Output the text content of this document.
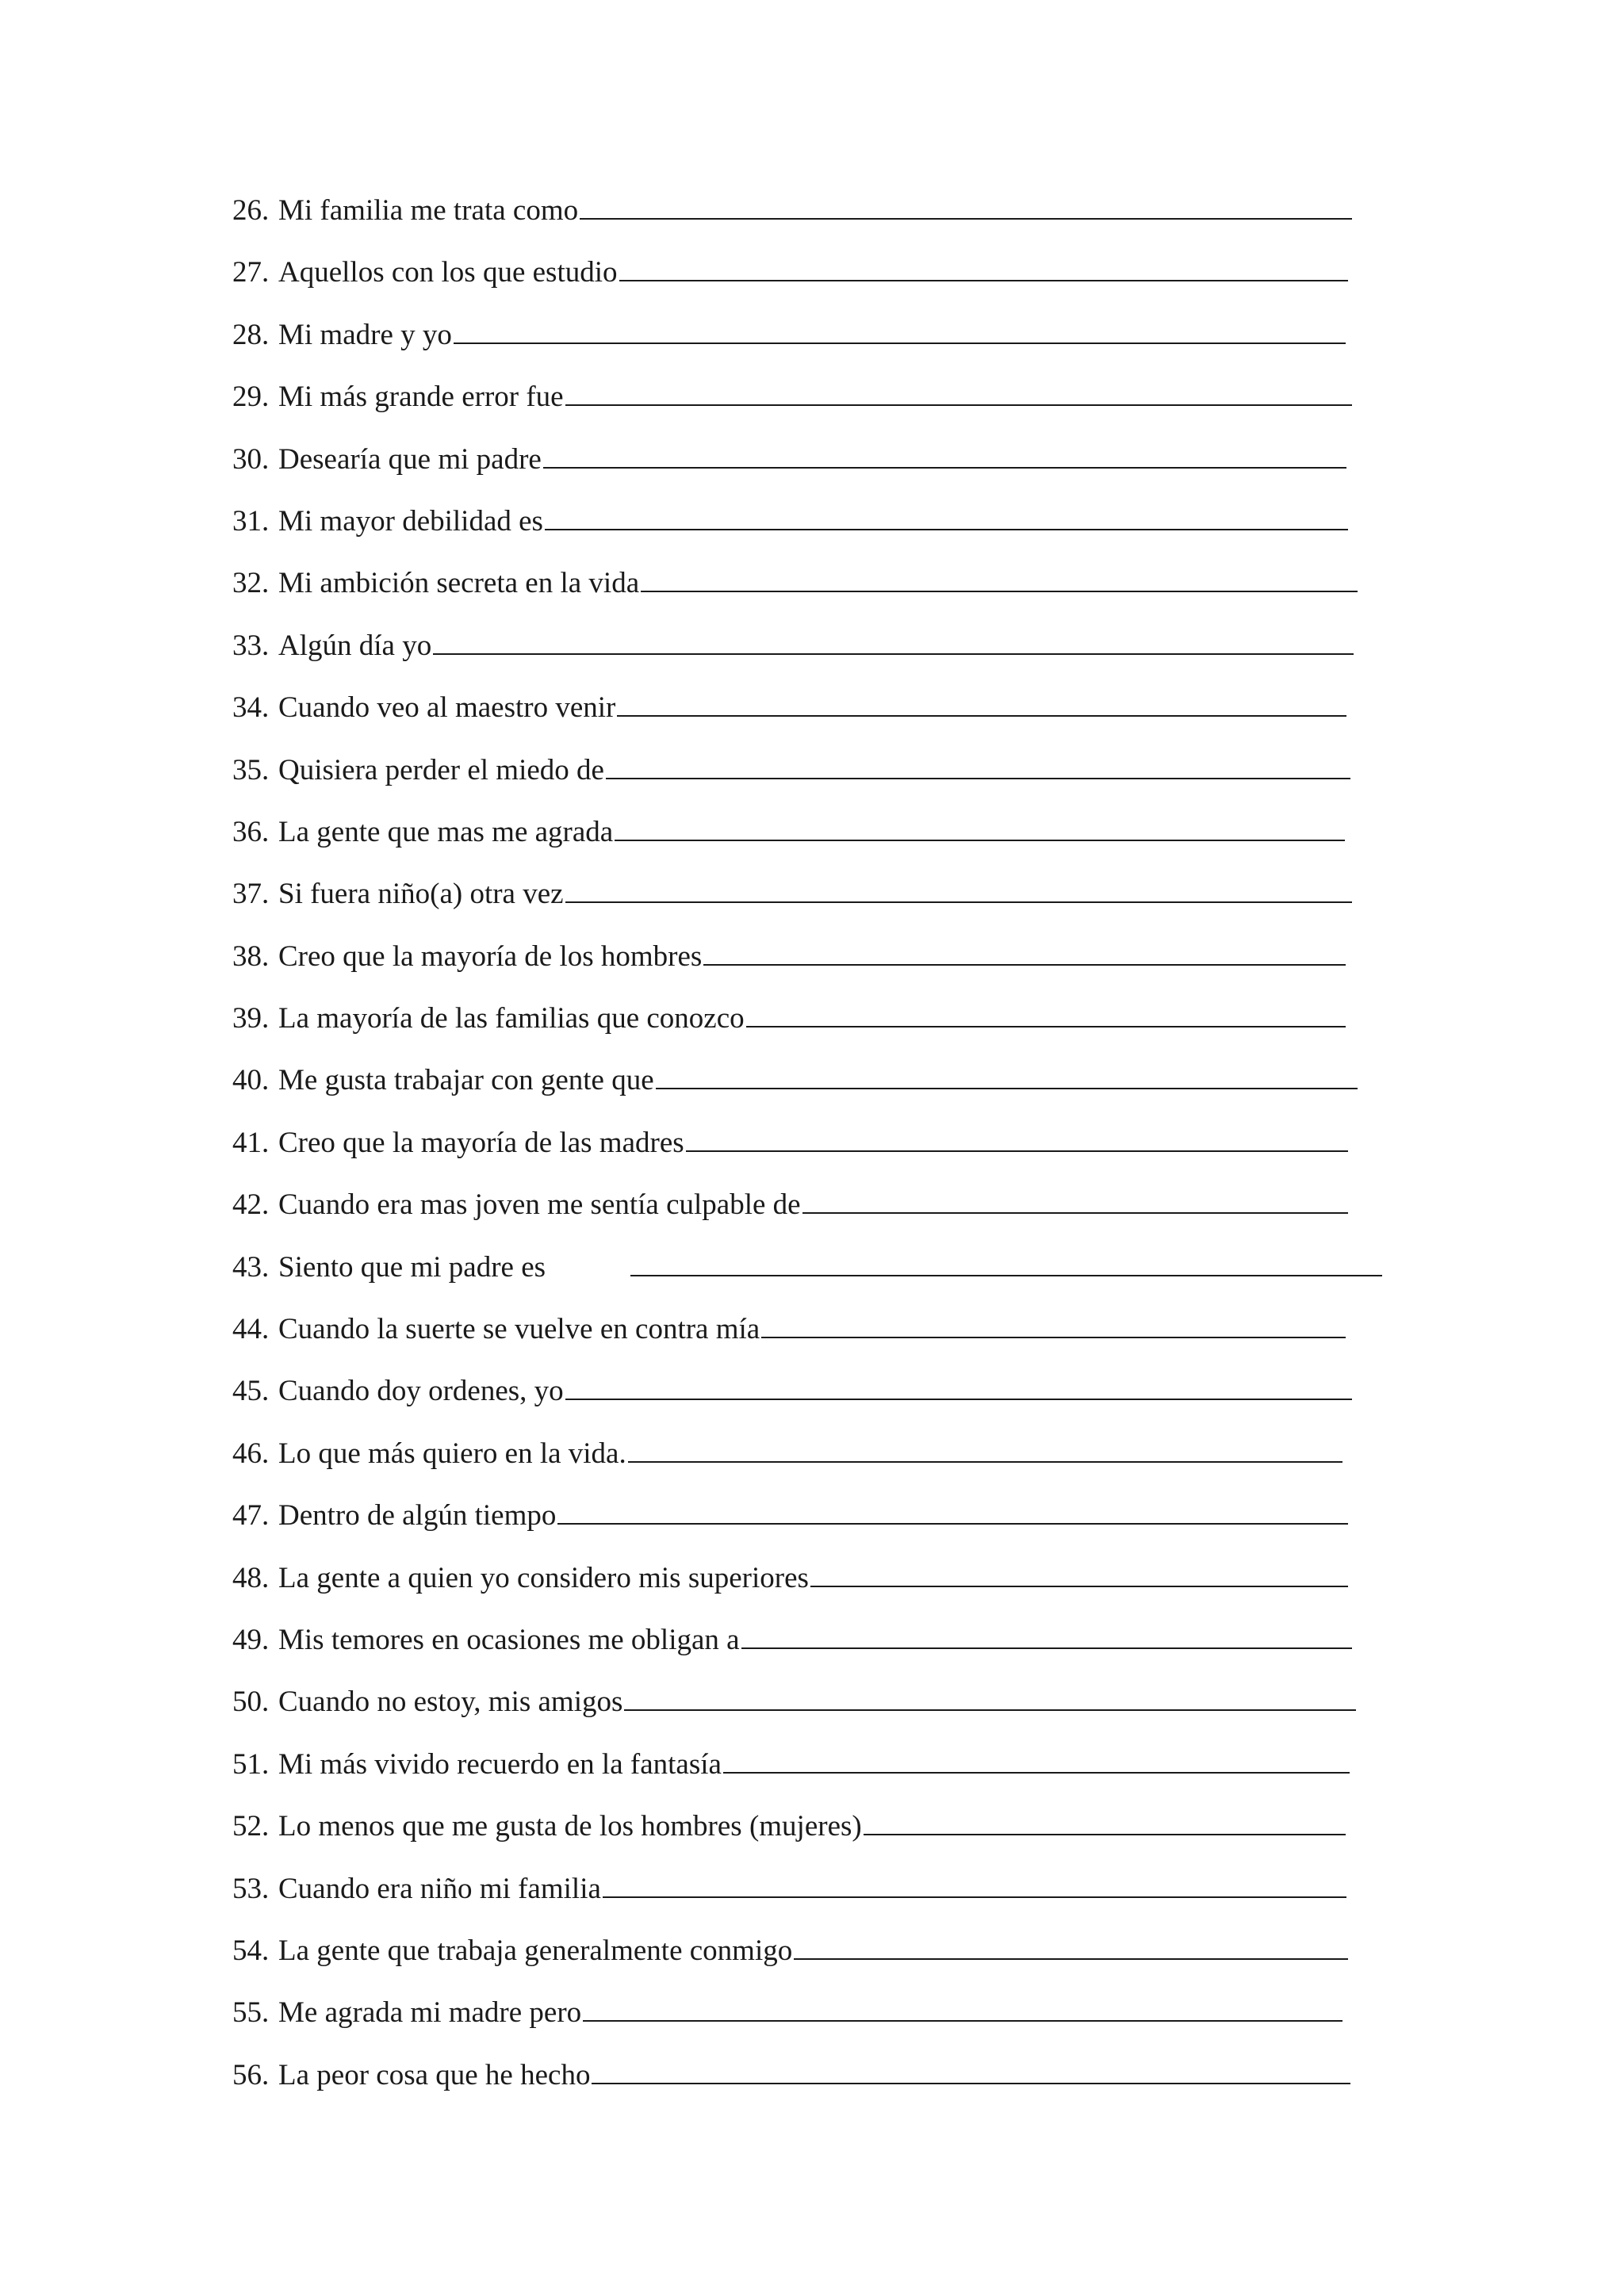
26. Mi familia me trata como
27. Aquellos con los que estudio
28. Mi madre y yo
29. Mi más grande error fue
30. Desearía que mi padre
31. Mi mayor debilidad es
32. Mi ambición secreta en la vida
33. Algún día yo
34. Cuando veo al maestro venir
35. Quisiera perder el miedo de
36. La gente que mas me agrada
37. Si fuera niño(a) otra vez
38. Creo que la mayoría de los hombres
39. La mayoría de las familias que conozco
40. Me gusta trabajar con gente que
41. Creo que la mayoría de las madres
42. Cuando era mas joven me sentía culpable de
43. Siento que mi padre es
44. Cuando la suerte se vuelve en contra mía
45. Cuando doy ordenes, yo
46. Lo que más quiero en la vida.
47. Dentro de algún tiempo
48. La gente a quien yo considero mis superiores
49. Mis temores en ocasiones me obligan a
50. Cuando no estoy, mis amigos
51. Mi más vivido recuerdo en la fantasía
52. Lo menos que me gusta de los hombres (mujeres)
53. Cuando era niño mi familia
54. La gente que trabaja generalmente conmigo
55. Me agrada mi madre pero
56. La peor cosa que he hecho
